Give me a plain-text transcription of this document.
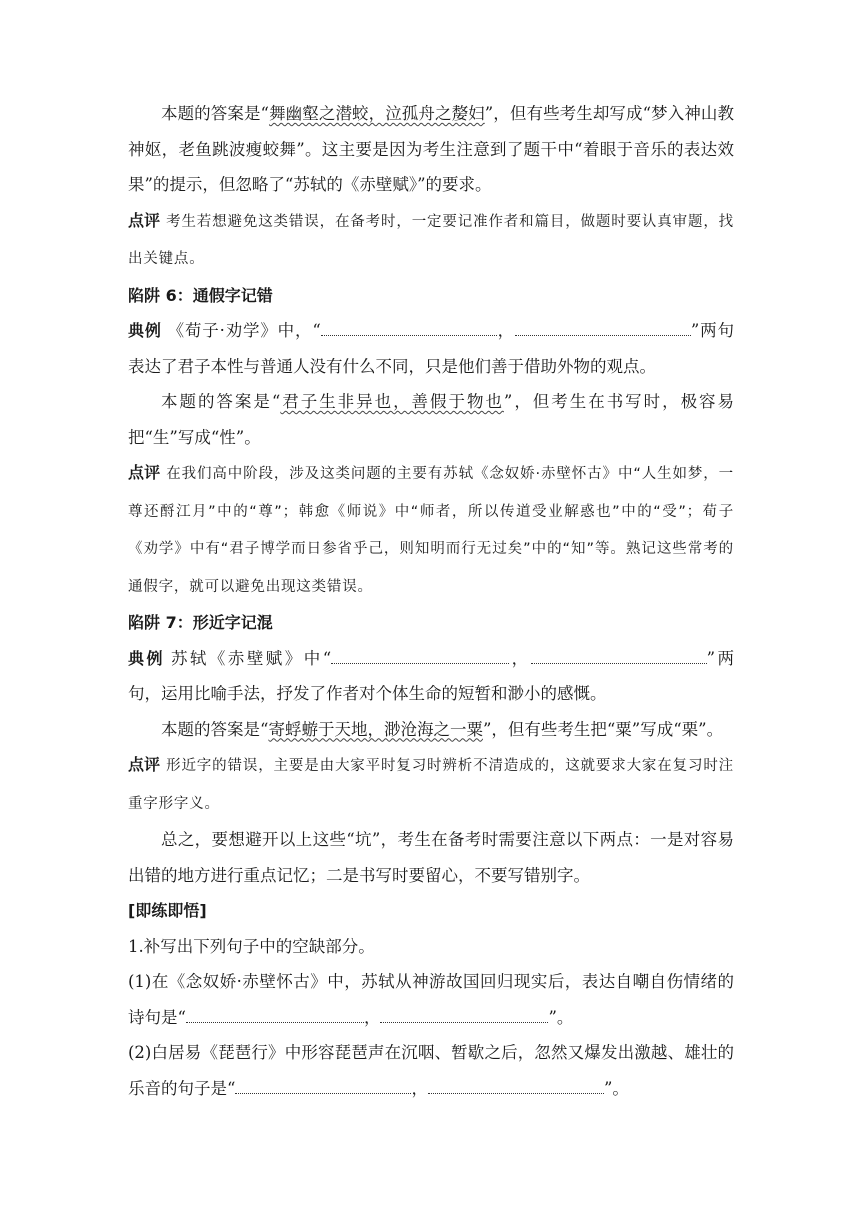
本题的答案是“舞幽壑之潜蛟，泣孤舟之嫠妇”，但有些考生却写成“梦入神山教神妪，老鱼跳波瘦蛟舞”。这主要是因为考生注意到了题干中“着眼于音乐的表达效果”的提示，但忽略了“苏轼的《赤壁赋》”的要求。

点评 考生若想避免这类错误，在备考时，一定要记准作者和篇目，做题时要认真审题，找出关键点。

陷阱 6：通假字记错

典例 《荀子·劝学》中，“	，	”两句表达了君子本性与普通人没有什么不同，只是他们善于借助外物的观点。

本题的答案是“君子生非异也，善假于物也”，但考生在书写时，极容易把“生”写成“性”。

点评 在我们高中阶段，涉及这类问题的主要有苏轼《念奴娇·赤壁怀古》中“人生如梦，一尊还酹江月”中的“尊”；韩愈《师说》中“师者，所以传道受业解惑也”中的“受”；荀子《劝学》中有“君子博学而日参省乎己，则知明而行无过矣”中的“知”等。熟记这些常考的通假字，就可以避免出现这类错误。

陷阱 7：形近字记混

典例 苏轼《赤壁赋》中“	，	”两句，运用比喻手法，抒发了作者对个体生命的短暂和渺小的感慨。

本题的答案是“寄蜉蝣于天地，渺沧海之一粟”，但有些考生把“粟”写成“栗”。

点评 形近字的错误，主要是由大家平时复习时辨析不清造成的，这就要求大家在复习时注重字形字义。

总之，要想避开以上这些“坑”，考生在备考时需要注意以下两点：一是对容易出错的地方进行重点记忆；二是书写时要留心，不要写错别字。

[即练即悟]

1.补写出下列句子中的空缺部分。

(1)在《念奴娇·赤壁怀古》中，苏轼从神游故国回归现实后，表达自嘲自伤情绪的诗句是“	，	”。

(2)白居易《琵琶行》中形容琵琶声在沉咽、暂歇之后，忽然又爆发出激越、雄壮的乐音的句子是“	，	”。
